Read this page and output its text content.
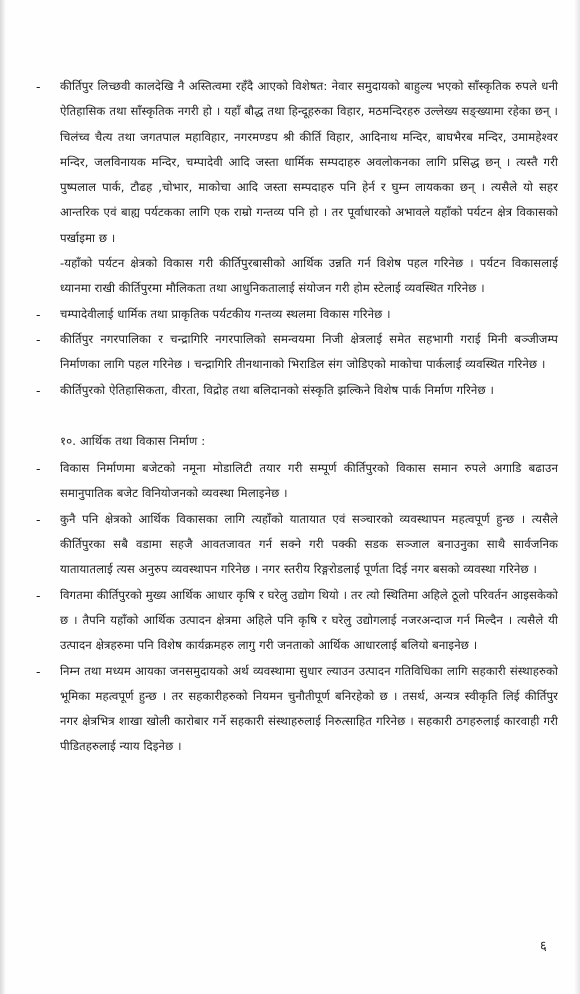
-	कीर्तिपुर लिच्छवी कालदेखि नै अस्तित्वमा रहँदै आएको विशेषत: नेवार समुदायको बाहुल्य भएको साँस्कृतिक रुपले धनी ऐतिहासिक तथा साँस्कृतिक नगरी हो । यहाँ बौद्ध तथा हिन्दूहरुका विहार, मठमन्दिरहरु उल्लेख्य सङ्ख्यामा रहेका छन् । चिलंच्व चैत्य तथा जगतपाल महाविहार, नगरमण्डप श्री कीर्ति विहार, आदिनाथ मन्दिर, बाघभैरब मन्दिर, उमामहेश्वर मन्दिर, जलविनायक मन्दिर, चम्पादेवी आदि जस्ता धार्मिक सम्पदाहरु अवलोकनका लागि प्रसिद्ध छन् । त्यस्तै गरी पुष्पलाल पार्क, टौढह ,चोभार, माकोचा आदि जस्ता सम्पदाहरु पनि हेर्न र घुम्न लायकका छन् । त्यसैले यो सहर आन्तरिक एवं बाह्य पर्यटकका लागि एक राम्रो गन्तव्य पनि हो । तर पूर्वाधारको अभावले यहाँको पर्यटन क्षेत्र विकासको पर्खाइमा छ ।
-यहाँको पर्यटन क्षेत्रको विकास गरी कीर्तिपुरबासीको आर्थिक उन्नति गर्न विशेष पहल गरिनेछ । पर्यटन विकासलाई ध्यानमा राखी कीर्तिपुरमा मौलिकता तथा आधुनिकतालाई संयोजन गरी होम स्टेलाई व्यवस्थित गरिनेछ ।
-	चम्पादेवीलाई धार्मिक तथा प्राकृतिक पर्यटकीय गन्तव्य स्थलमा विकास गरिनेछ ।
-	कीर्तिपुर नगरपालिका र चन्द्रागिरि नगरपालिको समन्वयमा निजी क्षेत्रलाई समेत सहभागी गराई मिनी बञ्जीजम्प निर्माणका लागि पहल गरिनेछ । चन्द्रागिरि तीनथानाको भिराडिल संग जोडिएको माकोचा पार्कलाई व्यवस्थित गरिनेछ ।
-	कीर्तिपुरको ऐतिहासिकता, वीरता, विद्रोह तथा बलिदानको संस्कृति झल्किने विशेष पार्क निर्माण गरिनेछ ।
१०. आर्थिक तथा विकास निर्माण :
-	विकास निर्माणमा बजेटको नमूना मोडालिटी तयार गरी सम्पूर्ण कीर्तिपुरको विकास समान रुपले अगाडि बढाउन समानुपातिक बजेट विनियोजनको व्यवस्था मिलाइनेछ ।
-	कुनै पनि क्षेत्रको आर्थिक विकासका लागि त्यहाँको यातायात एवं सञ्चारको व्यवस्थापन महत्वपूर्ण हुन्छ । त्यसैले कीर्तिपुरका सबै वडामा सहजै आवतजावत गर्न सक्ने गरी पक्की सडक सञ्जाल बनाउनुका साथै सार्वजनिक यातायातलाई त्यस अनुरुप व्यवस्थापन गरिनेछ । नगर स्तरीय रिङ्गरोडलाई पूर्णता दिई नगर बसको व्यवस्था गरिनेछ ।
-	विगतमा कीर्तिपुरको मुख्य आर्थिक आधार कृषि र घरेलु उद्योग थियो । तर त्यो स्थितिमा अहिले ठूलो परिवर्तन आइसकेको छ । तैपनि यहाँको आर्थिक उत्पादन क्षेत्रमा अहिले पनि कृषि र घरेलु उद्योगलाई नजरअन्दाज गर्न मिल्दैन । त्यसैले यी उत्पादन क्षेत्रहरुमा पनि विशेष कार्यक्रमहरु लागु गरी जनताको आर्थिक आधारलाई बलियो बनाइनेछ ।
-	निम्न तथा मध्यम आयका जनसमुदायको अर्थ व्यवस्थामा सुधार ल्याउन उत्पादन गतिविधिका लागि सहकारी संस्थाहरुको भूमिका महत्वपूर्ण हुन्छ । तर सहकारीहरुको नियमन चुनौतीपूर्ण बनिरहेको छ । तसर्थ, अन्यत्र स्वीकृति लिई कीर्तिपुर नगर क्षेत्रभित्र शाखा खोली कारोबार गर्ने सहकारी संस्थाहरुलाई निरुत्साहित गरिनेछ । सहकारी ठगहरुलाई कारवाही गरी पीडितहरुलाई न्याय दिइनेछ ।
६
